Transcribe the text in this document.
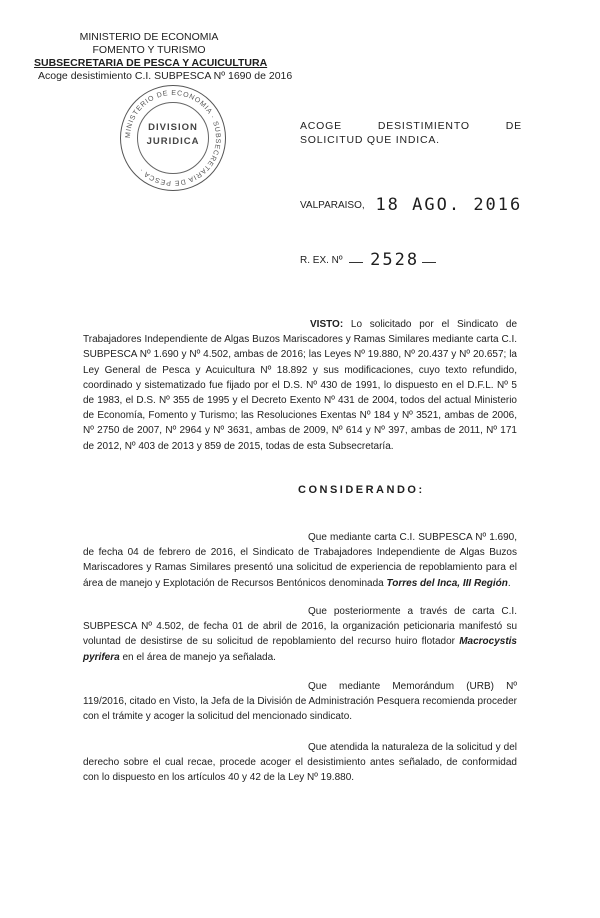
MINISTERIO DE ECONOMIA
FOMENTO Y TURISMO
SUBSECRETARIA DE PESCA Y ACUICULTURA
Acoge desistimiento C.I. SUBPESCA Nº 1690 de 2016
MINISTERIO DE ECONOMIA · SUBSECRETARIA DE PESCA ·
DIVISION
JURIDICA
ACOGE DESISTIMIENTO DE SOLICITUD QUE INDICA.
VALPARAISO, 18 AGO. 2016
R. EX. Nº 2528
VISTO: Lo solicitado por el Sindicato de Trabajadores Independiente de Algas Buzos Mariscadores y Ramas Similares mediante carta C.I. SUBPESCA Nº 1.690 y Nº 4.502, ambas de 2016; las Leyes Nº 19.880, Nº 20.437 y Nº 20.657; la Ley General de Pesca y Acuicultura Nº 18.892 y sus modificaciones, cuyo texto refundido, coordinado y sistematizado fue fijado por el D.S. Nº 430 de 1991, lo dispuesto en el D.F.L. Nº 5 de 1983, el D.S. Nº 355 de 1995 y el Decreto Exento Nº 431 de 2004, todos del actual Ministerio de Economía, Fomento y Turismo; las Resoluciones Exentas Nº 184 y Nº 3521, ambas de 2006, Nº 2750 de 2007, Nº 2964 y Nº 3631, ambas de 2009, Nº 614 y Nº 397, ambas de 2011, Nº 171 de 2012, Nº 403 de 2013 y 859 de 2015, todas de esta Subsecretaría.
CONSIDERANDO:
Que mediante carta C.I. SUBPESCA Nº 1.690, de fecha 04 de febrero de 2016, el Sindicato de Trabajadores Independiente de Algas Buzos Mariscadores y Ramas Similares presentó una solicitud de experiencia de repoblamiento para el área de manejo y Explotación de Recursos Bentónicos denominada Torres del Inca, III Región.
Que posteriormente a través de carta C.I. SUBPESCA Nº 4.502, de fecha 01 de abril de 2016, la organización peticionaria manifestó su voluntad de desistirse de su solicitud de repoblamiento del recurso huiro flotador Macrocystis pyrifera en el área de manejo ya señalada.
Que mediante Memorándum (URB) Nº 119/2016, citado en Visto, la Jefa de la División de Administración Pesquera recomienda proceder con el trámite y acoger la solicitud del mencionado sindicato.
Que atendida la naturaleza de la solicitud y del derecho sobre el cual recae, procede acoger el desistimiento antes señalado, de conformidad con lo dispuesto en los artículos 40 y 42 de la Ley Nº 19.880.
